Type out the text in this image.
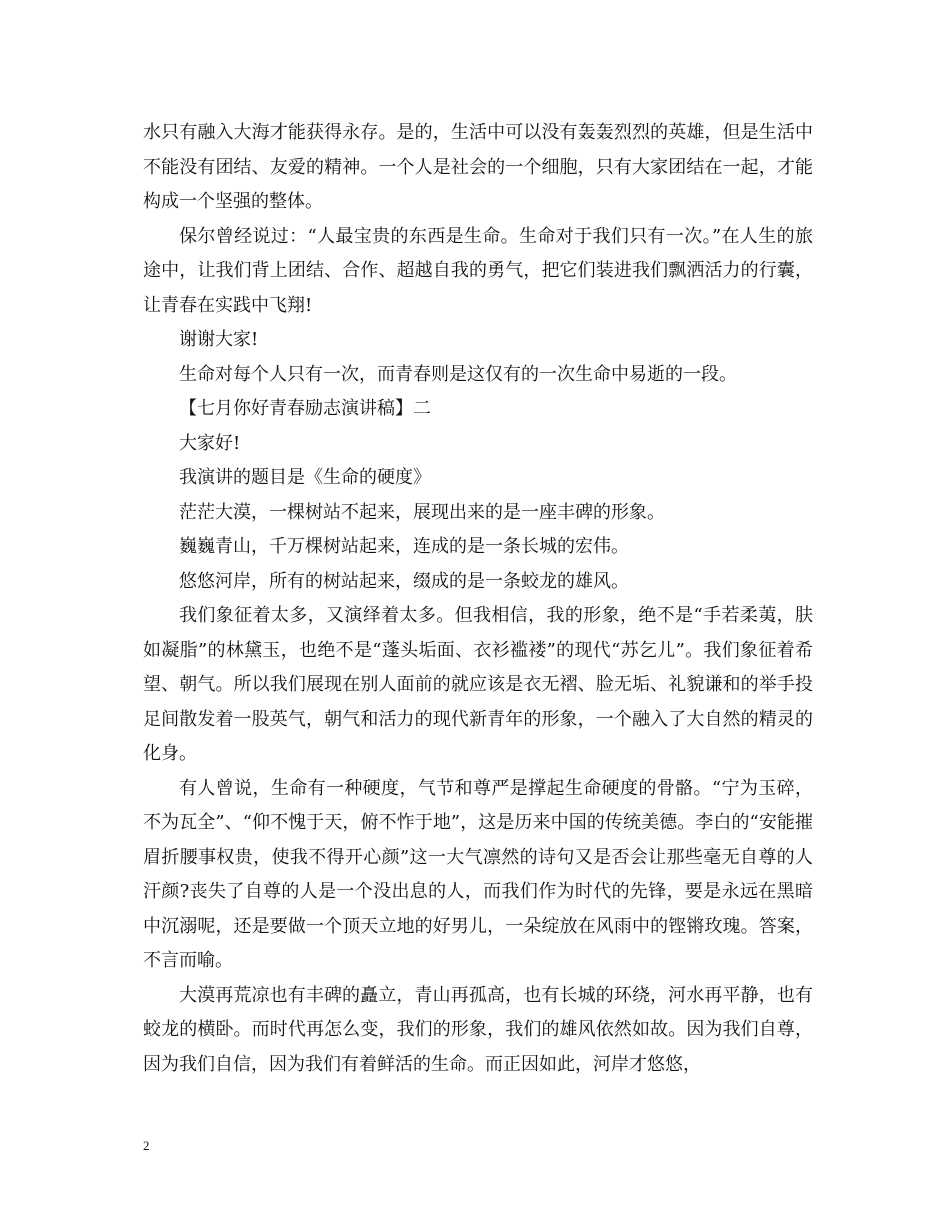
水只有融入大海才能获得永存。是的，生活中可以没有轰轰烈烈的英雄，但是生活中不能没有团结、友爱的精神。一个人是社会的一个细胞，只有大家团结在一起，才能构成一个坚强的整体。

保尔曾经说过：“人最宝贵的东西是生命。生命对于我们只有一次。”在人生的旅途中，让我们背上团结、合作、超越自我的勇气，把它们装进我们飘洒活力的行囊，让青春在实践中飞翔!

谢谢大家!

生命对每个人只有一次，而青春则是这仅有的一次生命中易逝的一段。

【七月你好青春励志演讲稿】二

大家好!

我演讲的题目是《生命的硬度》

茫茫大漠，一棵树站不起来，展现出来的是一座丰碑的形象。

巍巍青山，千万棵树站起来，连成的是一条长城的宏伟。

悠悠河岸，所有的树站起来，缀成的是一条蛟龙的雄风。

我们象征着太多，又演绎着太多。但我相信，我的形象，绝不是“手若柔荑，肤如凝脂”的林黛玉，也绝不是“蓬头垢面、衣衫褴褛”的现代“苏乞儿”。我们象征着希望、朝气。所以我们展现在别人面前的就应该是衣无褶、脸无垢、礼貌谦和的举手投足间散发着一股英气，朝气和活力的现代新青年的形象，一个融入了大自然的精灵的化身。

有人曾说，生命有一种硬度，气节和尊严是撑起生命硬度的骨骼。“宁为玉碎，不为瓦全”、“仰不愧于天，俯不怍于地”，这是历来中国的传统美德。李白的“安能摧眉折腰事权贵，使我不得开心颜”这一大气凛然的诗句又是否会让那些毫无自尊的人汗颜?丧失了自尊的人是一个没出息的人，而我们作为时代的先锋，要是永远在黑暗中沉溺呢，还是要做一个顶天立地的好男儿，一朵绽放在风雨中的铿锵玫瑰。答案，不言而喻。

大漠再荒凉也有丰碑的矗立，青山再孤高，也有长城的环绕，河水再平静，也有蛟龙的横卧。而时代再怎么变，我们的形象，我们的雄风依然如故。因为我们自尊，因为我们自信，因为我们有着鲜活的生命。而正因如此，河岸才悠悠，

2
